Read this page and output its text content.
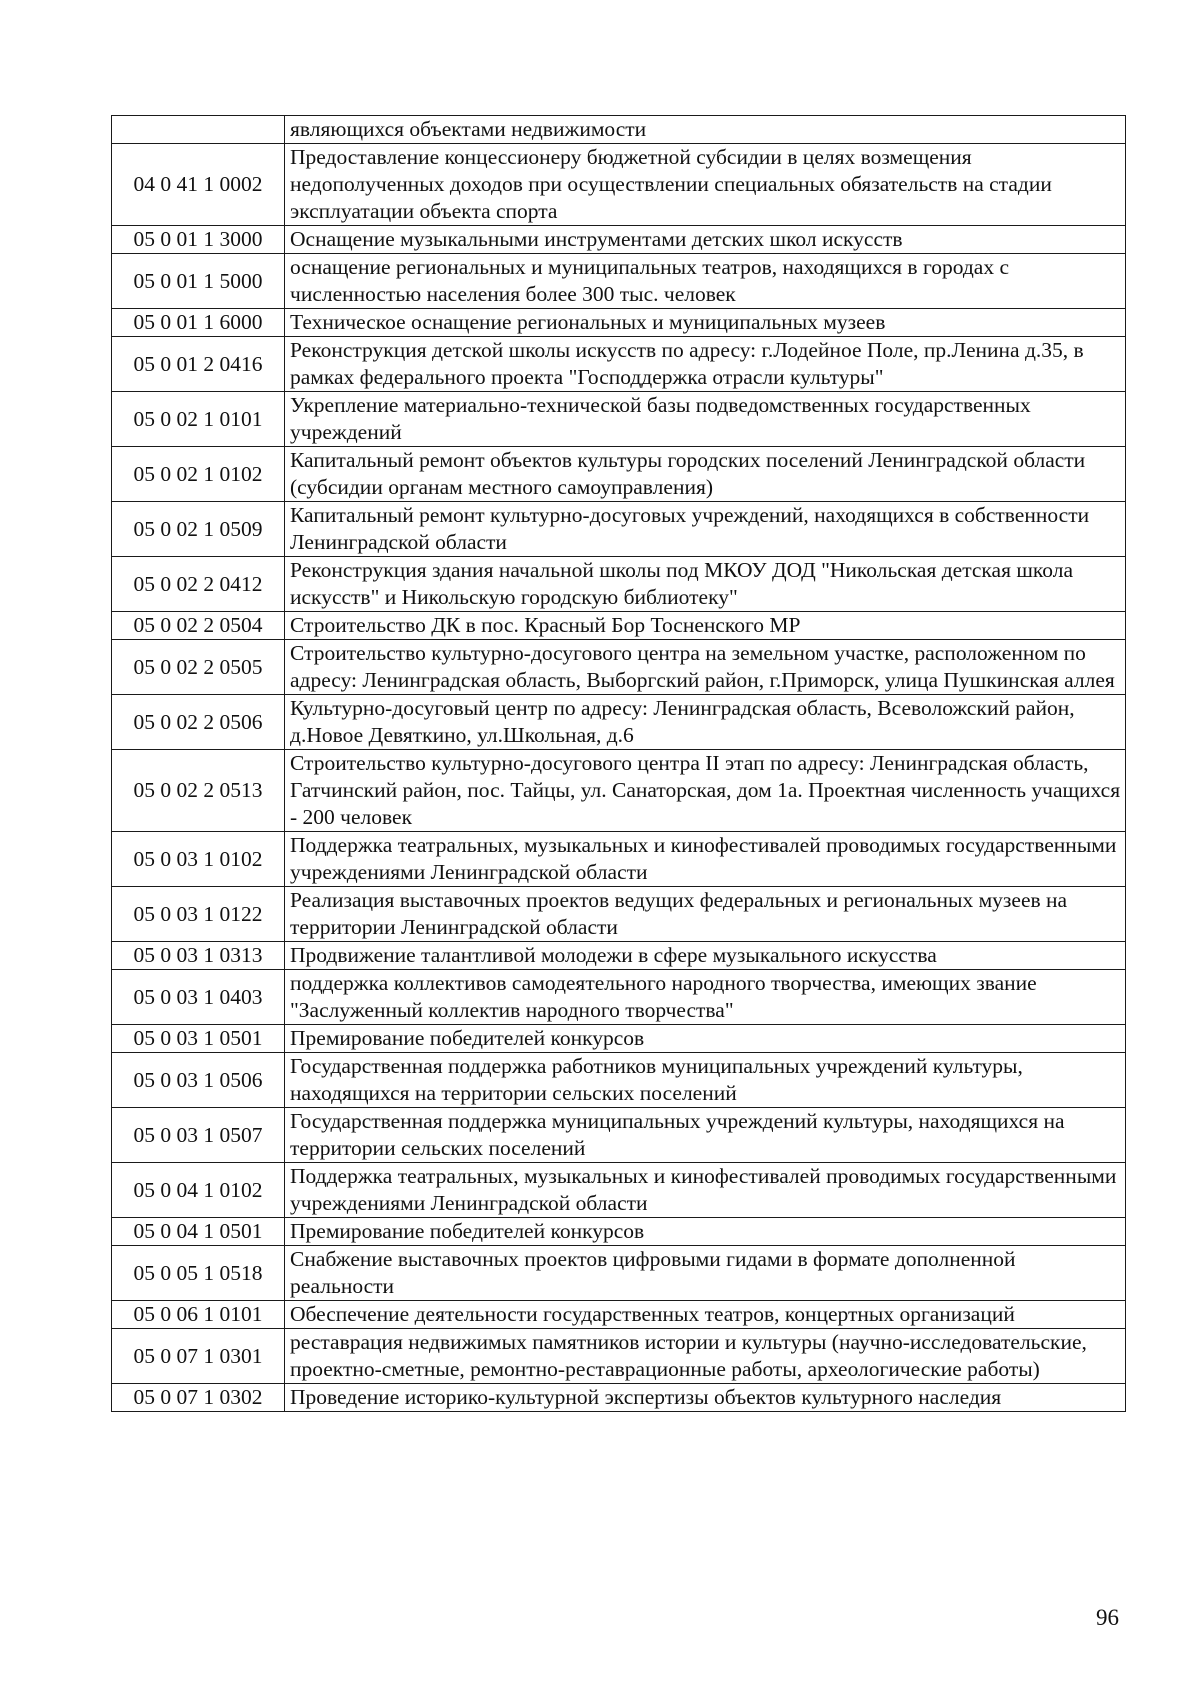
	являющихся объектами недвижимости
04 0 41 1 0002	Предоставление концессионеру бюджетной субсидии в целях возмещения недополученных доходов при осуществлении специальных обязательств на стадии эксплуатации объекта спорта
05 0 01 1 3000	Оснащение музыкальными инструментами детских школ искусств
05 0 01 1 5000	оснащение региональных и муниципальных театров, находящихся в городах с численностью населения более 300 тыс. человек
05 0 01 1 6000	Техническое оснащение региональных и муниципальных музеев
05 0 01 2 0416	Реконструкция детской школы искусств по адресу: г.Лодейное Поле, пр.Ленина д.35, в рамках федерального проекта "Господдержка отрасли культуры"
05 0 02 1 0101	Укрепление материально-технической базы подведомственных государственных учреждений
05 0 02 1 0102	Капитальный ремонт объектов культуры городских поселений Ленинградской области (субсидии органам местного самоуправления)
05 0 02 1 0509	Капитальный ремонт культурно-досуговых учреждений, находящихся в собственности Ленинградской области
05 0 02 2 0412	Реконструкция здания начальной школы под МКОУ ДОД "Никольская детская школа искусств" и Никольскую городскую библиотеку"
05 0 02 2 0504	Строительство ДК в пос. Красный Бор Тосненского МР
05 0 02 2 0505	Строительство культурно-досугового центра на земельном участке, расположенном по адресу: Ленинградская область, Выборгский район, г.Приморск, улица Пушкинская аллея
05 0 02 2 0506	Культурно-досуговый центр по адресу: Ленинградская область, Всеволожский район, д.Новое Девяткино, ул.Школьная, д.6
05 0 02 2 0513	Строительство культурно-досугового центра II этап по адресу: Ленинградская область, Гатчинский район, пос. Тайцы, ул. Санаторская, дом 1а. Проектная численность учащихся - 200 человек
05 0 03 1 0102	Поддержка театральных, музыкальных и кинофестивалей проводимых государственными учреждениями Ленинградской области
05 0 03 1 0122	Реализация выставочных проектов ведущих федеральных и региональных музеев на территории Ленинградской области
05 0 03 1 0313	Продвижение талантливой молодежи в сфере музыкального искусства
05 0 03 1 0403	поддержка коллективов самодеятельного народного творчества, имеющих звание "Заслуженный коллектив народного творчества"
05 0 03 1 0501	Премирование победителей конкурсов
05 0 03 1 0506	Государственная поддержка работников муниципальных учреждений культуры, находящихся на территории сельских поселений
05 0 03 1 0507	Государственная поддержка муниципальных учреждений культуры, находящихся на территории сельских поселений
05 0 04 1 0102	Поддержка театральных, музыкальных и кинофестивалей проводимых государственными учреждениями Ленинградской области
05 0 04 1 0501	Премирование победителей конкурсов
05 0 05 1 0518	Снабжение выставочных проектов цифровыми гидами в формате дополненной реальности
05 0 06 1 0101	Обеспечение деятельности государственных театров, концертных организаций
05 0 07 1 0301	реставрация недвижимых памятников истории и культуры (научно-исследовательские, проектно-сметные, ремонтно-реставрационные работы, археологические работы)
05 0 07 1 0302	Проведение историко-культурной экспертизы объектов культурного наследия
96
